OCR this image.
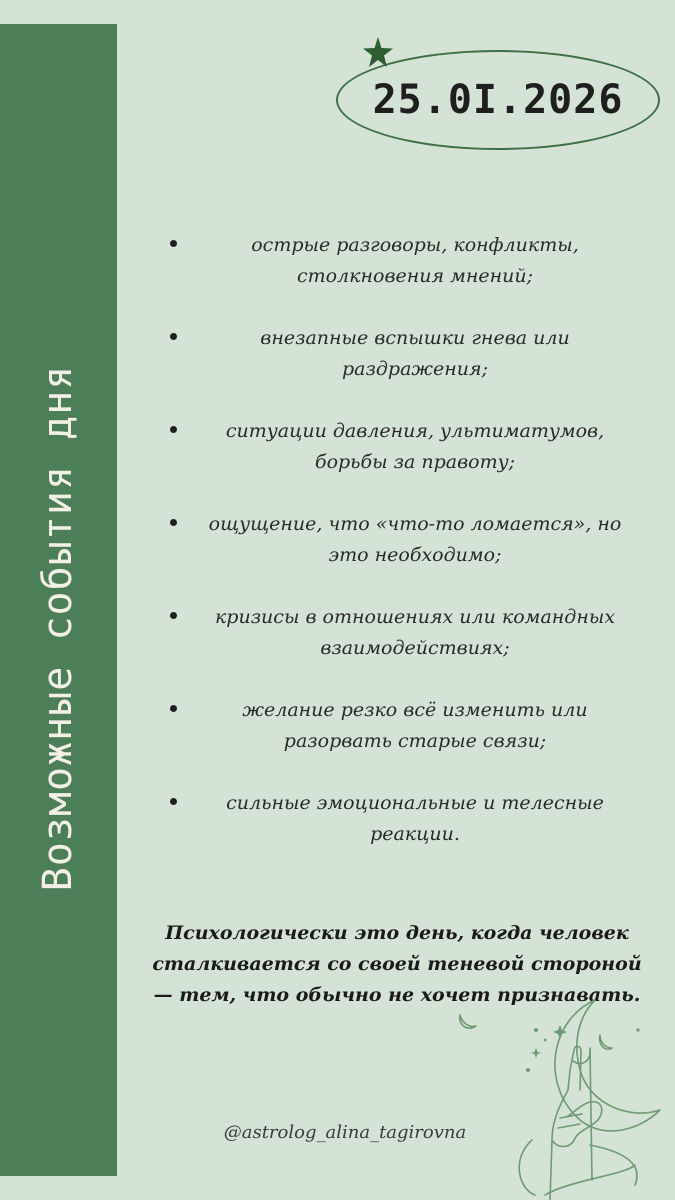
Возможные события дня
25.0I.2026
острые разговоры, конфликты, столкновения мнений;
внезапные вспышки гнева или раздражения;
ситуации давления, ультиматумов, борьбы за правоту;
ощущение, что «что-то ломается», но это необходимо;
кризисы в отношениях или командных взаимодействиях;
желание резко всё изменить или разорвать старые связи;
сильные эмоциональные и телесные реакции.
Психологически это день, когда человек сталкивается со своей теневой стороной — тем, что обычно не хочет признавать.
@astrolog_alina_tagirovna
